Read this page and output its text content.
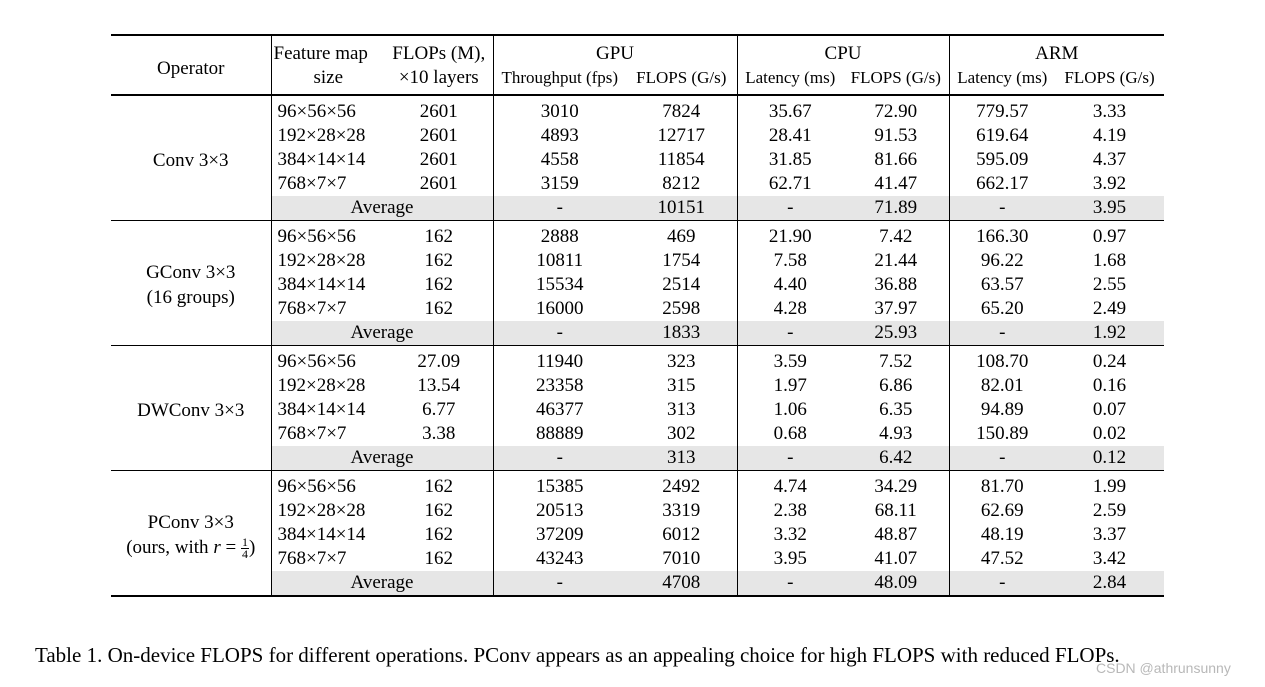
Operator	Feature map	FLOPs (M),	GPU		CPU		ARM	
	size	×10 layers	Throughput (fps)	FLOPS (G/s)	Latency (ms)	FLOPS (G/s)	Latency (ms)	FLOPS (G/s)

Conv 3×3	96×56×56	2601	3010	7824	35.67	72.90	779.57	3.33
	192×28×28	2601	4893	12717	28.41	91.53	619.64	4.19
	384×14×14	2601	4558	11854	31.85	81.66	595.09	4.37
	768×7×7	2601	3159	8212	62.71	41.47	662.17	3.92
	Average		-	10151	-	71.89	-	3.95

GConv 3×3
(16 groups)	96×56×56	162	2888	469	21.90	7.42	166.30	0.97
	192×28×28	162	10811	1754	7.58	21.44	96.22	1.68
	384×14×14	162	15534	2514	4.40	36.88	63.57	2.55
	768×7×7	162	16000	2598	4.28	37.97	65.20	2.49
	Average		-	1833	-	25.93	-	1.92

DWConv 3×3	96×56×56	27.09	11940	323	3.59	7.52	108.70	0.24
	192×28×28	13.54	23358	315	1.97	6.86	82.01	0.16
	384×14×14	6.77	46377	313	1.06	6.35	94.89	0.07
	768×7×7	3.38	88889	302	0.68	4.93	150.89	0.02
	Average		-	313	-	6.42	-	0.12

PConv 3×3
(ours, with $r = \frac{1}{4}$ )	96×56×56	162	15385	2492	4.74	34.29	81.70	1.99
	192×28×28	162	20513	3319	2.38	68.11	62.69	2.59
	384×14×14	162	37209	6012	3.32	48.87	48.19	3.37
	768×7×7	162	43243	7010	3.95	41.07	47.52	3.42
	Average		-	4708	-	48.09	-	2.84
Table 1. On-device FLOPS for different operations. PConv appears as an appealing choice for high FLOPS with reduced FLOPs.
CSDN @athrunsunny
